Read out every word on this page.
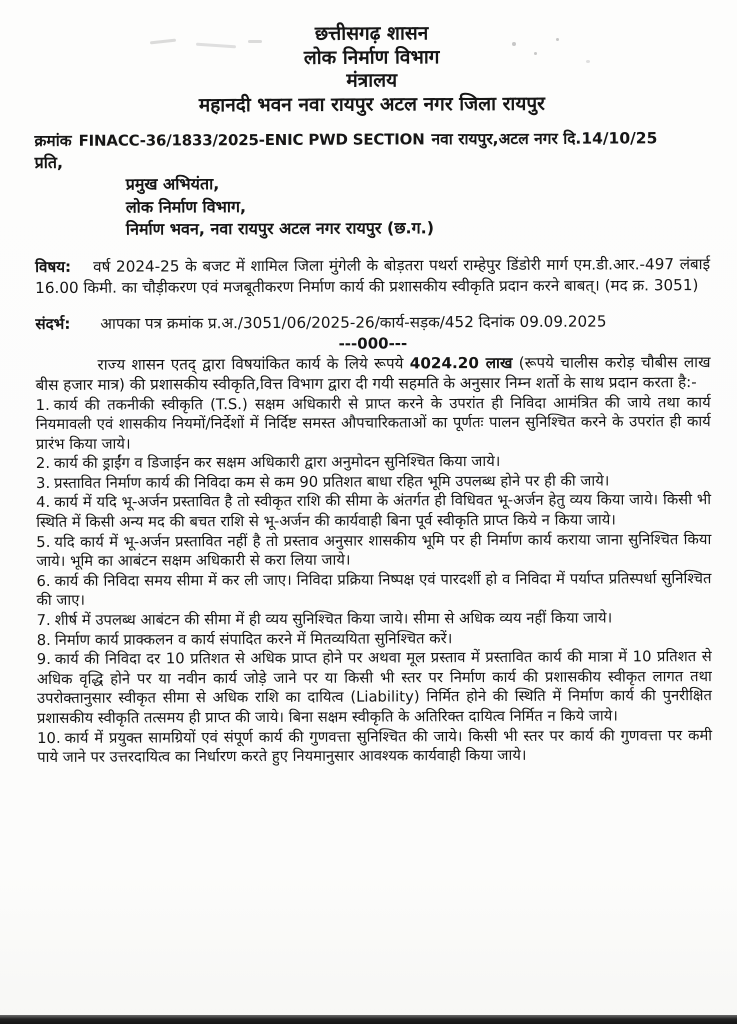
छत्तीसगढ़ शासन

लोक निर्माण विभाग

मंत्रालय

महानदी भवन नवा रायपुर अटल नगर जिला रायपुर

क्रमांक FINACC-36/1833/2025-ENIC PWD SECTION नवा रायपुर,अटल नगर दि.14/10/25

प्रति,

प्रमुख अभियंता,

लोक निर्माण विभाग,

निर्माण भवन, नवा रायपुर अटल नगर रायपुर (छ.ग.)

विषय: वर्ष 2024-25 के बजट में शामिल जिला मुंगेली के बोड़तरा पथर्रा राम्हेपुर डिंडोरी मार्ग एम.डी.आर.-497 लंबाई 16.00 किमी. का चौड़ीकरण एवं मजबूतीकरण निर्माण कार्य की प्रशासकीय स्वीकृति प्रदान करने बाबत्। (मद क्र. 3051)

संदर्भ: आपका पत्र क्रमांक प्र.अ./3051/06/2025-26/कार्य-सड़क/452 दिनांक 09.09.2025

---000---

राज्य शासन एतद् द्वारा विषयांकित कार्य के लिये रूपये 4024.20 लाख (रूपये चालीस करोड़ चौबीस लाख बीस हजार मात्र) की प्रशासकीय स्वीकृति,वित्त विभाग द्वारा दी गयी सहमति के अनुसार निम्न शर्तो के साथ प्रदान करता है:-

1. कार्य की तकनीकी स्वीकृति (T.S.) सक्षम अधिकारी से प्राप्त करने के उपरांत ही निविदा आमंत्रित की जाये तथा कार्य नियमावली एवं शासकीय नियमों/निर्देशों में निर्दिष्ट समस्त औपचारिकताओं का पूर्णतः पालन सुनिश्चित करने के उपरांत ही कार्य प्रारंभ किया जाये।

2. कार्य की ड्राईंग व डिजाईन कर सक्षम अधिकारी द्वारा अनुमोदन सुनिश्चित किया जाये।

3. प्रस्तावित निर्माण कार्य की निविदा कम से कम 90 प्रतिशत बाधा रहित भूमि उपलब्ध होने पर ही की जाये।

4. कार्य में यदि भू-अर्जन प्रस्तावित है तो स्वीकृत राशि की सीमा के अंतर्गत ही विधिवत भू-अर्जन हेतु व्यय किया जाये। किसी भी स्थिति में किसी अन्य मद की बचत राशि से भू-अर्जन की कार्यवाही बिना पूर्व स्वीकृति प्राप्त किये न किया जाये।

5. यदि कार्य में भू-अर्जन प्रस्तावित नहीं है तो प्रस्ताव अनुसार शासकीय भूमि पर ही निर्माण कार्य कराया जाना सुनिश्चित किया जाये। भूमि का आबंटन सक्षम अधिकारी से करा लिया जाये।

6. कार्य की निविदा समय सीमा में कर ली जाए। निविदा प्रक्रिया निष्पक्ष एवं पारदर्शी हो व निविदा में पर्याप्त प्रतिस्पर्धा सुनिश्चित की जाए।

7. शीर्ष में उपलब्ध आबंटन की सीमा में ही व्यय सुनिश्चित किया जाये। सीमा से अधिक व्यय नहीं किया जाये।

8. निर्माण कार्य प्राक्कलन व कार्य संपादित करने में मितव्ययिता सुनिश्चित करें।

9. कार्य की निविदा दर 10 प्रतिशत से अधिक प्राप्त होने पर अथवा मूल प्रस्ताव में प्रस्तावित कार्य की मात्रा में 10 प्रतिशत से अधिक वृद्धि होने पर या नवीन कार्य जोड़े जाने पर या किसी भी स्तर पर निर्माण कार्य की प्रशासकीय स्वीकृत लागत तथा उपरोक्तानुसार स्वीकृत सीमा से अधिक राशि का दायित्व (Liability) निर्मित होने की स्थिति में निर्माण कार्य की पुनरीक्षित प्रशासकीय स्वीकृति तत्समय ही प्राप्त की जाये। बिना सक्षम स्वीकृति के अतिरिक्त दायित्व निर्मित न किये जाये।

10. कार्य में प्रयुक्त सामग्रियों एवं संपूर्ण कार्य की गुणवत्ता सुनिश्चित की जाये। किसी भी स्तर पर कार्य की गुणवत्ता पर कमी पाये जाने पर उत्तरदायित्व का निर्धारण करते हुए नियमानुसार आवश्यक कार्यवाही किया जाये।
